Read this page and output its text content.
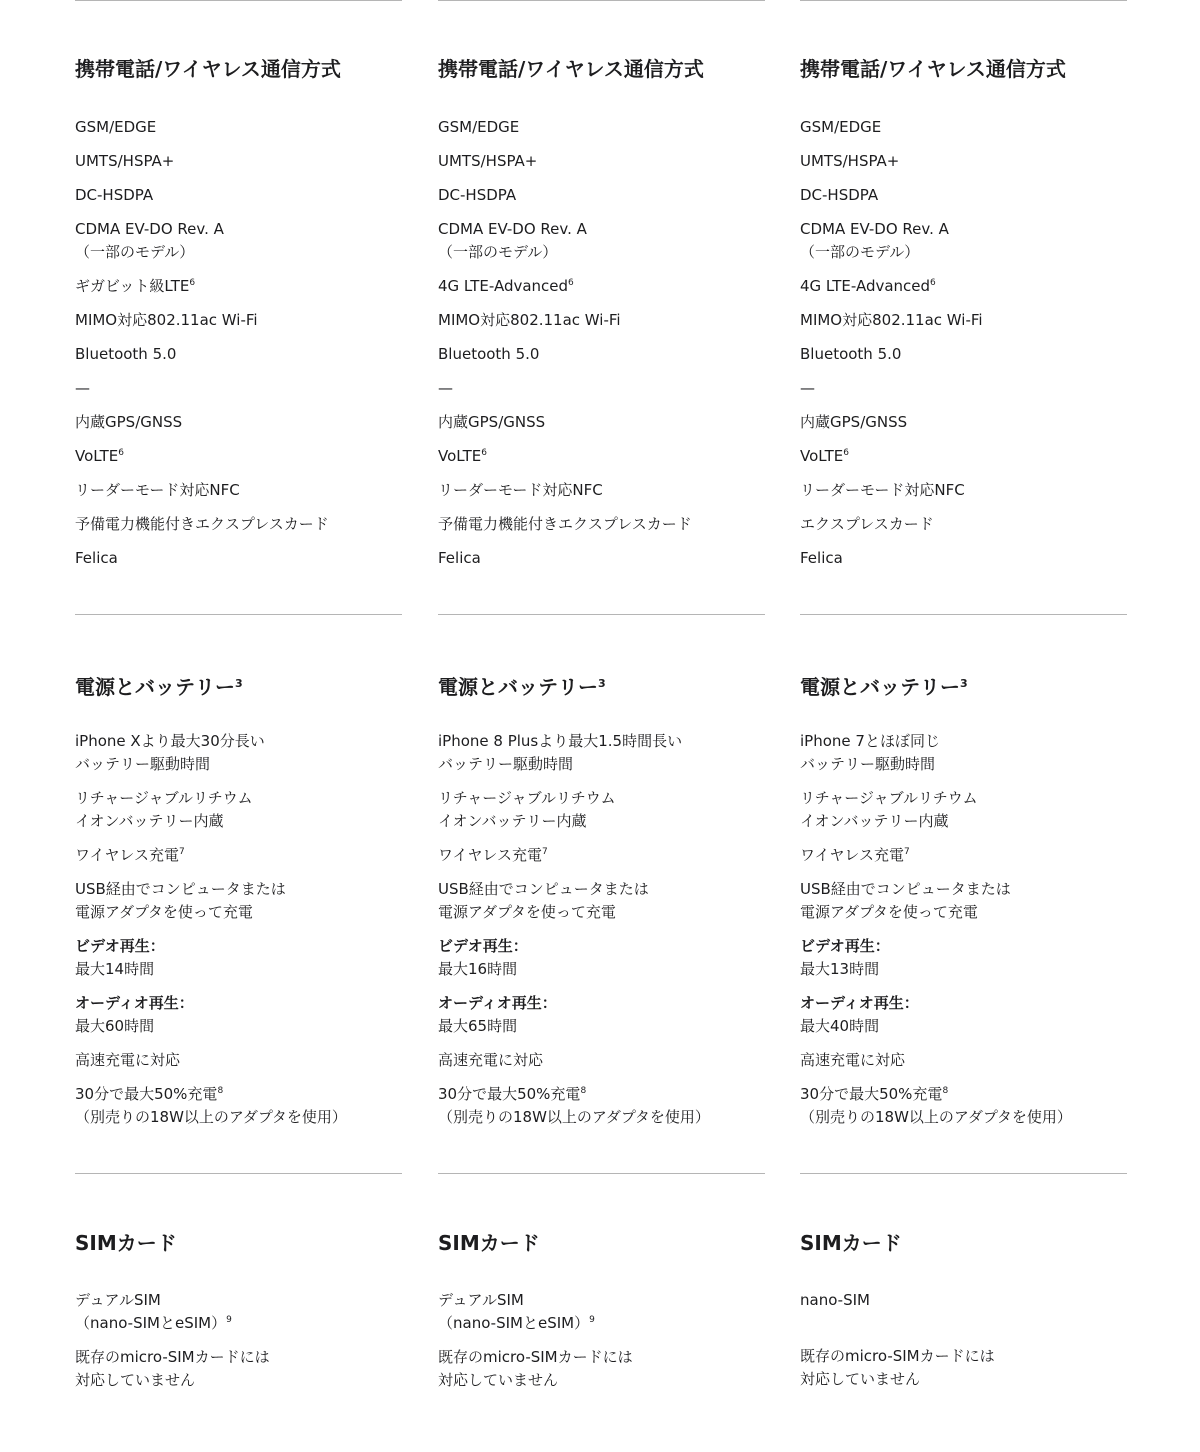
携帯電話/ワイヤレス通信方式
GSM/EDGE
UMTS/HSPA+
DC-HSDPA
CDMA EV-DO Rev. A
（一部のモデル）
ギガビット級LTE$^6$
MIMO対応802.11ac Wi-Fi
Bluetooth 5.0
—
内蔵GPS/GNSS
VoLTE$^6$
リーダーモード対応NFC
予備電力機能付きエクスプレスカード
Felica
電源とバッテリー$^3$
iPhone Xより最大30分長い
バッテリー駆動時間
リチャージャブルリチウム
イオンバッテリー内蔵
ワイヤレス充電$^7$
USB経由でコンピュータまたは
電源アダプタを使って充電
ビデオ再生：
最大14時間
オーディオ再生：
最大60時間
高速充電に対応
30分で最大50%充電$^8$
（別売りの18W以上のアダプタを使用）
SIMカード
デュアルSIM
（nano-SIMとeSIM）$^9$
既存のmicro-SIMカードには
対応していません
携帯電話/ワイヤレス通信方式
GSM/EDGE
UMTS/HSPA+
DC-HSDPA
CDMA EV-DO Rev. A
（一部のモデル）
4G LTE-Advanced$^6$
MIMO対応802.11ac Wi-Fi
Bluetooth 5.0
—
内蔵GPS/GNSS
VoLTE$^6$
リーダーモード対応NFC
予備電力機能付きエクスプレスカード
Felica
電源とバッテリー$^3$
iPhone 8 Plusより最大1.5時間長い
バッテリー駆動時間
リチャージャブルリチウム
イオンバッテリー内蔵
ワイヤレス充電$^7$
USB経由でコンピュータまたは
電源アダプタを使って充電
ビデオ再生：
最大16時間
オーディオ再生：
最大65時間
高速充電に対応
30分で最大50%充電$^8$
（別売りの18W以上のアダプタを使用）
SIMカード
デュアルSIM
（nano-SIMとeSIM）$^9$
既存のmicro-SIMカードには
対応していません
携帯電話/ワイヤレス通信方式
GSM/EDGE
UMTS/HSPA+
DC-HSDPA
CDMA EV-DO Rev. A
（一部のモデル）
4G LTE-Advanced$^6$
MIMO対応802.11ac Wi-Fi
Bluetooth 5.0
—
内蔵GPS/GNSS
VoLTE$^6$
リーダーモード対応NFC
エクスプレスカード
Felica
電源とバッテリー$^3$
iPhone 7とほぼ同じ
バッテリー駆動時間
リチャージャブルリチウム
イオンバッテリー内蔵
ワイヤレス充電$^7$
USB経由でコンピュータまたは
電源アダプタを使って充電
ビデオ再生：
最大13時間
オーディオ再生：
最大40時間
高速充電に対応
30分で最大50%充電$^8$
（別売りの18W以上のアダプタを使用）
SIMカード
nano-SIM
既存のmicro-SIMカードには
対応していません
